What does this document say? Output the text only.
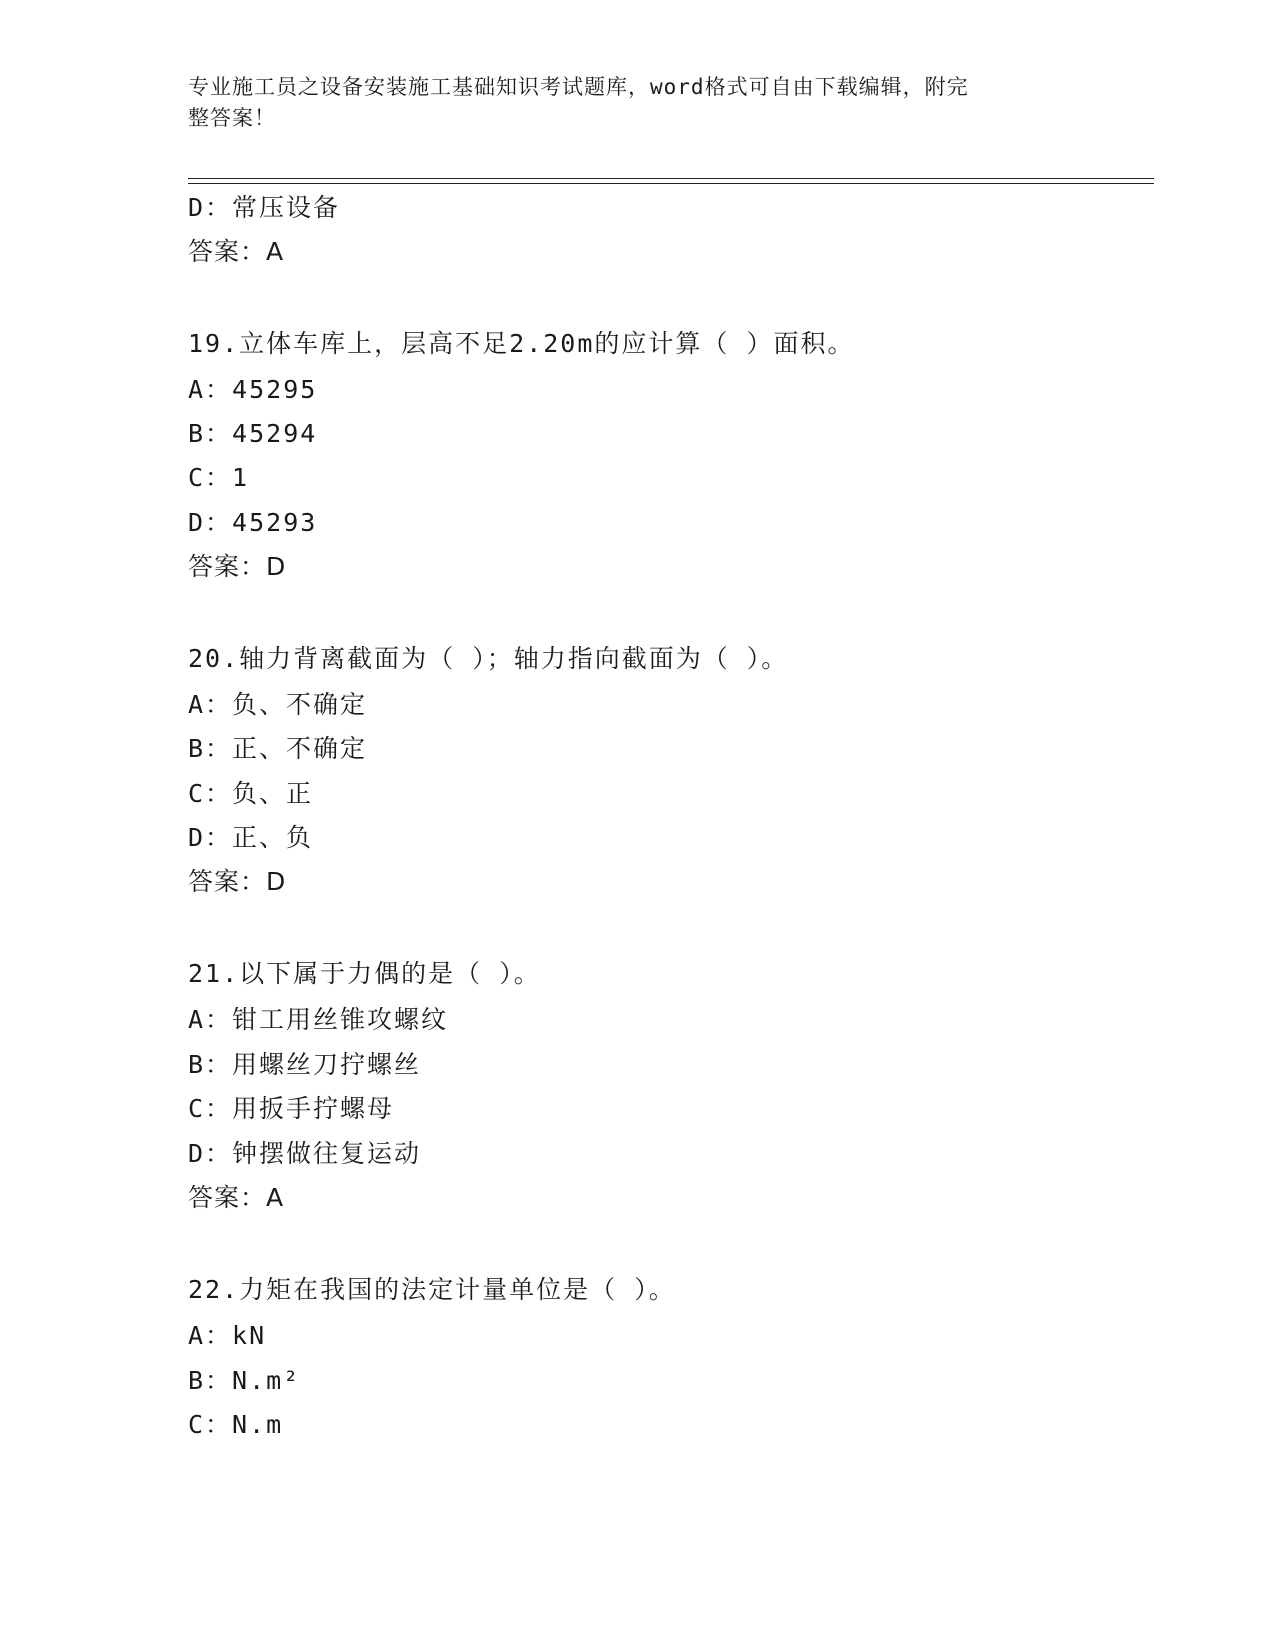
专业施工员之设备安装施工基础知识考试题库，word格式可自由下载编辑，附完
整答案！
D：常压设备
答案：A
19.立体车库上，层高不足2.20m的应计算（ ）面积。
A：45295
B：45294
C：1
D：45293
答案：D
20.轴力背离截面为（ ）；轴力指向截面为（ ）。
A：负、不确定
B：正、不确定
C：负、正
D：正、负
答案：D
21.以下属于力偶的是（ ）。
A：钳工用丝锥攻螺纹
B：用螺丝刀拧螺丝
C：用扳手拧螺母
D：钟摆做往复运动
答案：A
22.力矩在我国的法定计量单位是（ ）。
A：kN
B：N.m²
C：N.m
